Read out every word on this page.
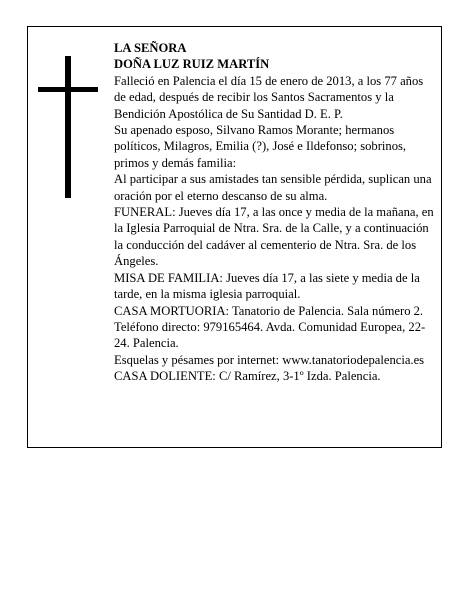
LA SEÑORA

DOÑA LUZ RUIZ MARTÍN

Falleció en Palencia el día 15 de enero de 2013, a los 77 años de edad, después de recibir los Santos Sacramentos y la Bendición Apostólica de Su Santidad D. E. P.

Su apenado esposo, Silvano Ramos Morante; hermanos políticos, Milagros, Emilia (?), José e Ildefonso; sobrinos, primos y demás familia:

Al participar a sus amistades tan sensible pérdida, suplican una oración por el eterno descanso de su alma.

FUNERAL: Jueves día 17, a las once y media de la mañana, en la Iglesia Parroquial de Ntra. Sra. de la Calle, y a continuación la conducción del cadáver al cementerio de Ntra. Sra. de los Ángeles.

MISA DE FAMILIA: Jueves día 17, a las siete y media de la tarde, en la misma iglesia parroquial.

CASA MORTUORIA: Tanatorio de Palencia. Sala número 2. Teléfono directo: 979165464. Avda. Comunidad Europea, 22-24. Palencia.

Esquelas y pésames por internet: www.tanatoriodepalencia.es

CASA DOLIENTE: C/ Ramírez, 3-1º Izda. Palencia.
